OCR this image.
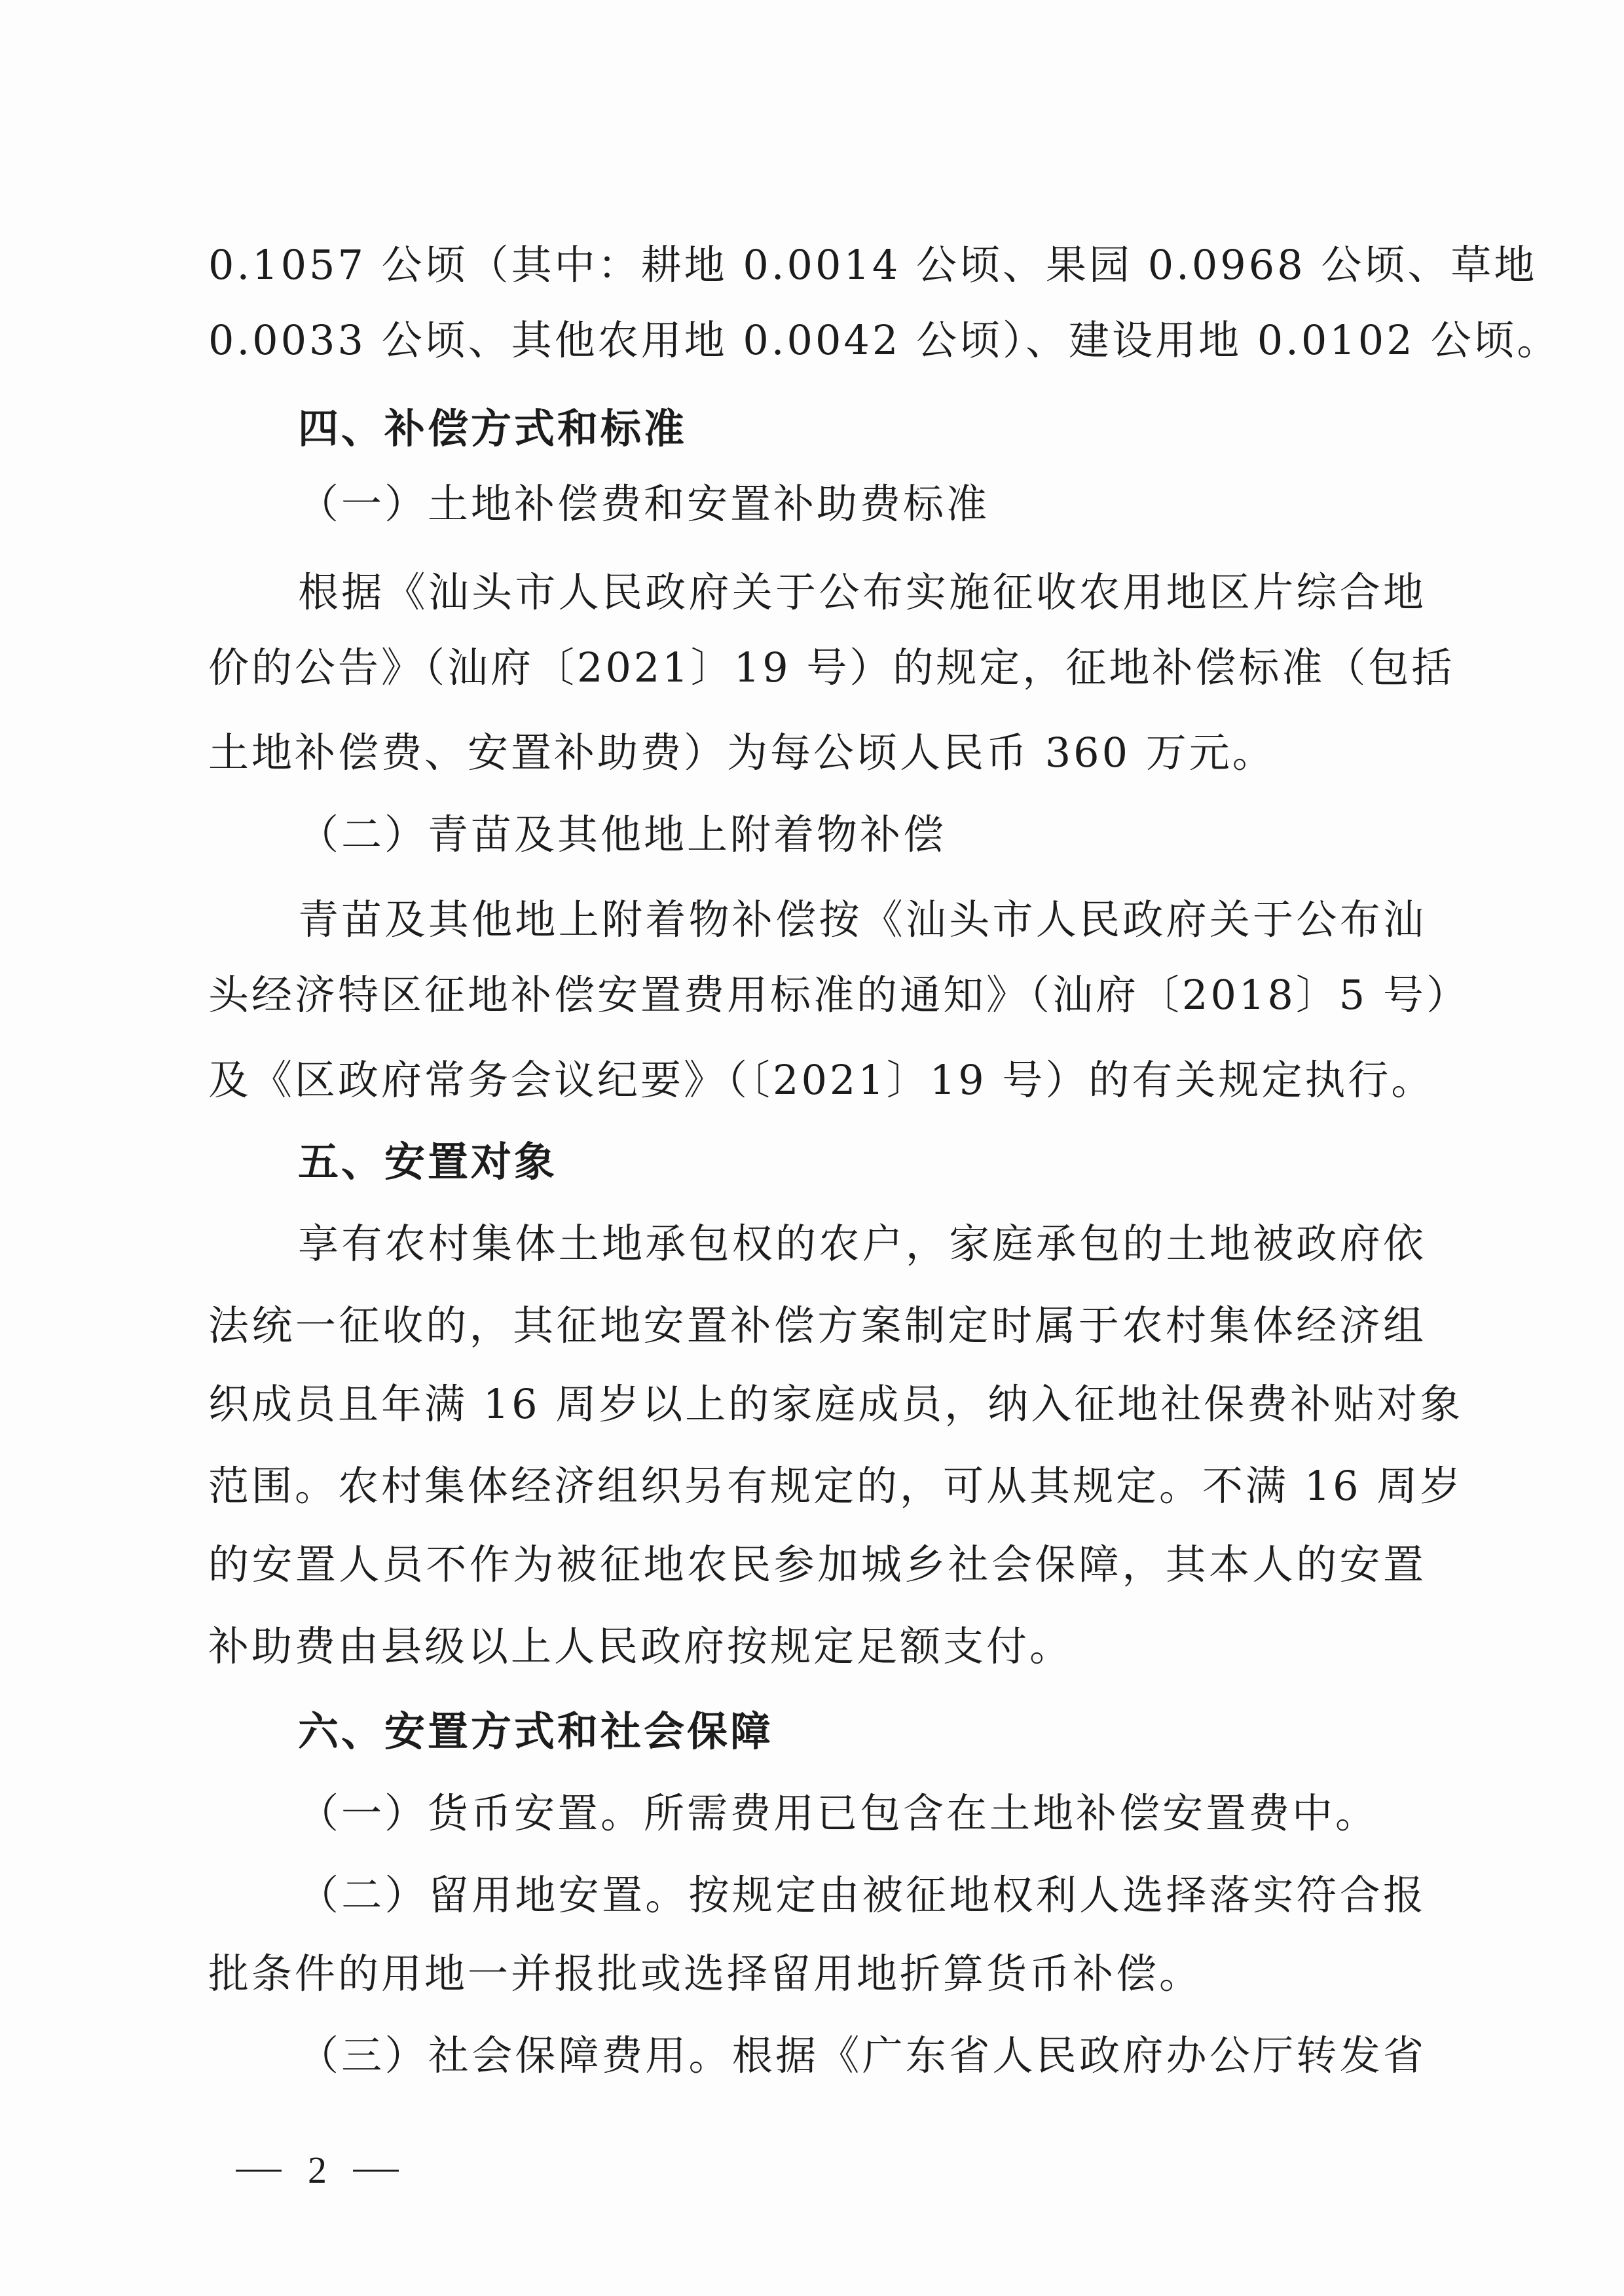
0.1057 公顷（其中：耕地 0.0014 公顷、果园 0.0968 公顷、草地
0.0033 公顷、其他农用地 0.0042 公顷）、建设用地 0.0102 公顷。
四、补偿方式和标准
（一）土地补偿费和安置补助费标准
根据《汕头市人民政府关于公布实施征收农用地区片综合地
价的公告》（汕府〔2021〕19 号）的规定，征地补偿标准（包括
土地补偿费、安置补助费）为每公顷人民币 360 万元。
（二）青苗及其他地上附着物补偿
青苗及其他地上附着物补偿按《汕头市人民政府关于公布汕
头经济特区征地补偿安置费用标准的通知》（汕府〔2018〕5 号）
及《区政府常务会议纪要》（〔2021〕19 号）的有关规定执行。
五、安置对象
享有农村集体土地承包权的农户，家庭承包的土地被政府依
法统一征收的，其征地安置补偿方案制定时属于农村集体经济组
织成员且年满 16 周岁以上的家庭成员，纳入征地社保费补贴对象
范围。农村集体经济组织另有规定的，可从其规定。不满 16 周岁
的安置人员不作为被征地农民参加城乡社会保障，其本人的安置
补助费由县级以上人民政府按规定足额支付。
六、安置方式和社会保障
（一）货币安置。所需费用已包含在土地补偿安置费中。
（二）留用地安置。按规定由被征地权利人选择落实符合报
批条件的用地一并报批或选择留用地折算货币补偿。
（三）社会保障费用。根据《广东省人民政府办公厅转发省
2
